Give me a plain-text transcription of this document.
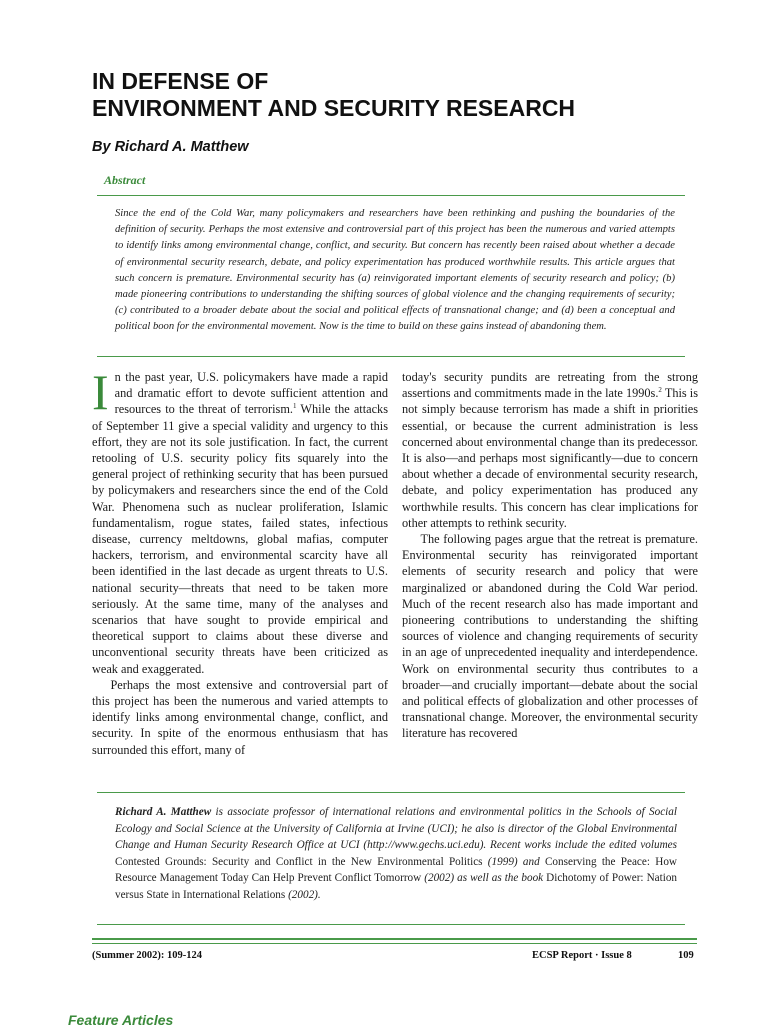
IN DEFENSE OF
ENVIRONMENT AND SECURITY RESEARCH
By Richard A. Matthew
Abstract

Since the end of the Cold War, many policymakers and researchers have been rethinking and pushing the boundaries of the definition of security. Perhaps the most extensive and controversial part of this project has been the numerous and varied attempts to identify links among environmental change, conflict, and security. But concern has recently been raised about whether a decade of environmental security research, debate, and policy experimentation has produced worthwhile results. This article argues that such concern is premature. Environmental security has (a) reinvigorated important elements of security research and policy; (b) made pioneering contributions to understanding the shifting sources of global violence and the changing requirements of security; (c) contributed to a broader debate about the social and political effects of transnational change; and (d) been a conceptual and political boon for the environmental movement. Now is the time to build on these gains instead of abandoning them.

In the past year, U.S. policymakers have made a rapid and dramatic effort to devote sufficient attention and resources to the threat of terrorism.$^1$ While the attacks of September 11 give a special validity and urgency to this effort, they are not its sole justification. In fact, the current retooling of U.S. security policy fits squarely into the general project of rethinking security that has been pursued by policymakers and researchers since the end of the Cold War. Phenomena such as nuclear proliferation, Islamic fundamentalism, rogue states, failed states, infectious disease, currency meltdowns, global mafias, computer hackers, terrorism, and environmental scarcity have all been identified in the last decade as urgent threats to U.S. national security—threats that need to be taken more seriously. At the same time, many of the analyses and scenarios that have sought to provide empirical and theoretical support to claims about these diverse and unconventional security threats have been criticized as weak and exaggerated.

Perhaps the most extensive and controversial part of this project has been the numerous and varied attempts to identify links among environmental change, conflict, and security. In spite of the enormous enthusiasm that has surrounded this effort, many of

today's security pundits are retreating from the strong assertions and commitments made in the late 1990s.$^2$ This is not simply because terrorism has made a shift in priorities essential, or because the current administration is less concerned about environmental change than its predecessor. It is also—and perhaps most significantly—due to concern about whether a decade of environmental security research, debate, and policy experimentation has produced any worthwhile results. This concern has clear implications for other attempts to rethink security.

The following pages argue that the retreat is premature. Environmental security has reinvigorated important elements of security research and policy that were marginalized or abandoned during the Cold War period. Much of the recent research also has made important and pioneering contributions to understanding the shifting sources of violence and changing requirements of security in an age of unprecedented inequality and interdependence. Work on environmental security thus contributes to a broader—and crucially important—debate about the social and political effects of globalization and other processes of transnational change. Moreover, the environmental security literature has recovered

Richard A. Matthew is associate professor of international relations and environmental politics in the Schools of Social Ecology and Social Science at the University of California at Irvine (UCI); he also is director of the Global Environmental Change and Human Security Research Office at UCI (http://www.gechs.uci.edu). Recent works include the edited volumes Contested Grounds: Security and Conflict in the New Environmental Politics (1999) and Conserving the Peace: How Resource Management Today Can Help Prevent Conflict Tomorrow (2002) as well as the book Dichotomy of Power: Nation versus State in International Relations (2002).

(Summer 2002): 109-124	ECSP Report · Issue 8	109
Feature Articles
